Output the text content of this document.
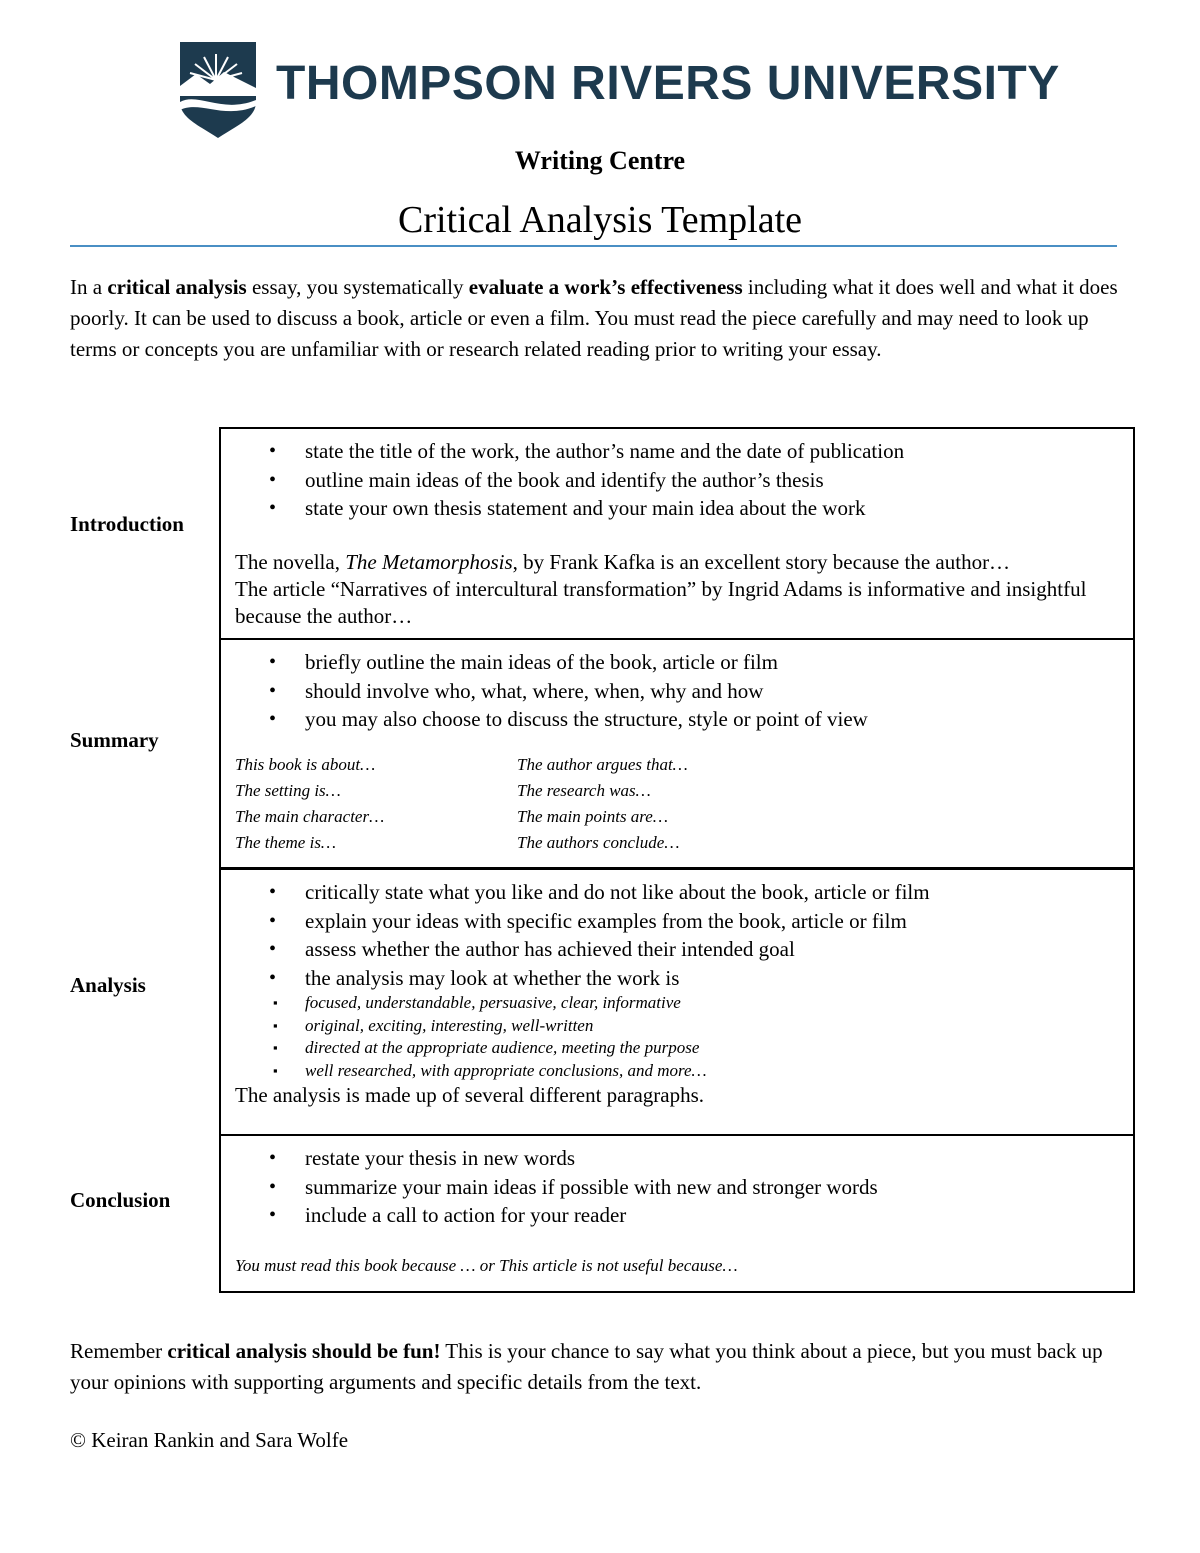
THOMPSON RIVERS UNIVERSITY
Writing Centre
Critical Analysis Template
In a critical analysis essay, you systematically evaluate a work’s effectiveness including what it does well and what it does poorly. It can be used to discuss a book, article or even a film. You must read the piece carefully and may need to look up terms or concepts you are unfamiliar with or research related reading prior to writing your essay.
Introduction
• state the title of the work, the author’s name and the date of publication
• outline main ideas of the book and identify the author’s thesis
• state your own thesis statement and your main idea about the work

The novella, The Metamorphosis, by Frank Kafka is an excellent story because the author…

The article “Narratives of intercultural transformation” by Ingrid Adams is informative and insightful because the author…

Summary
• briefly outline the main ideas of the book, article or film
• should involve who, what, where, when, why and how
• you may also choose to discuss the structure, style or point of view
This book is about…	The author argues that…
The setting is…	The research was…
The main character…	The main points are…
The theme is…	The authors conclude…
Analysis
• critically state what you like and do not like about the book, article or film
• explain your ideas with specific examples from the book, article or film
• assess whether the author has achieved their intended goal
• the analysis may look at whether the work is
▪ focused, understandable, persuasive, clear, informative
▪ original, exciting, interesting, well-written
▪ directed at the appropriate audience, meeting the purpose
▪ well researched, with appropriate conclusions, and more…

The analysis is made up of several different paragraphs.

Conclusion
• restate your thesis in new words
• summarize your main ideas if possible with new and stronger words
• include a call to action for your reader

You must read this book because … or This article is not useful because…

Remember critical analysis should be fun! This is your chance to say what you think about a piece, but you must back up your opinions with supporting arguments and specific details from the text.
© Keiran Rankin and Sara Wolfe
